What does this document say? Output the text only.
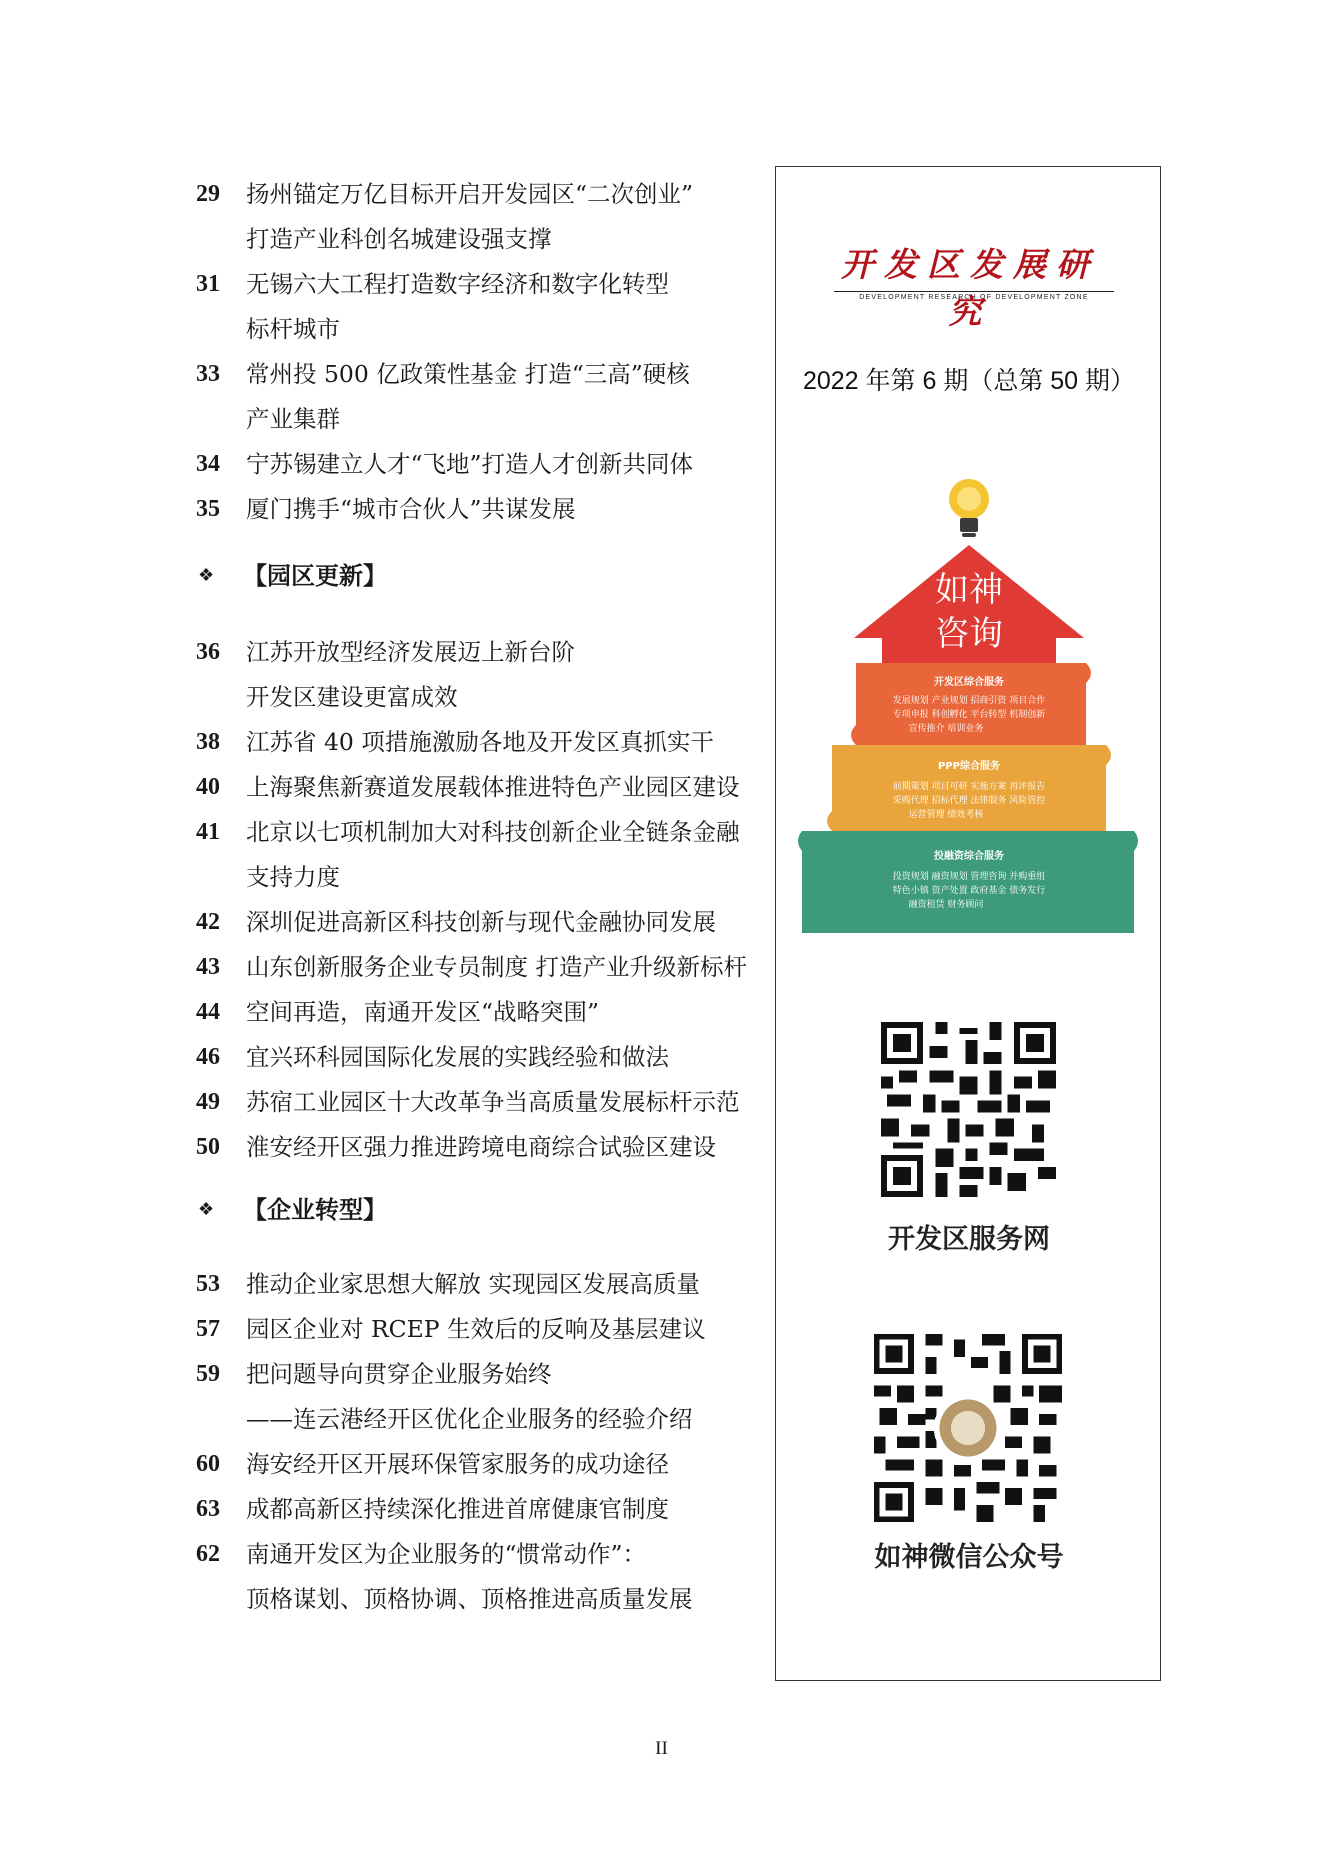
29	扬州锚定万亿目标开启开发园区“二次创业”
打造产业科创名城建设强支撑
31	无锡六大工程打造数字经济和数字化转型
标杆城市
33	常州投 500 亿政策性基金 打造“三高”硬核
产业集群
34	宁苏锡建立人才“飞地”打造人才创新共同体
35	厦门携手“城市合伙人”共谋发展
❖ 【园区更新】
36	江苏开放型经济发展迈上新台阶
开发区建设更富成效
38	江苏省 40 项措施激励各地及开发区真抓实干
40	上海聚焦新赛道发展载体推进特色产业园区建设
41	北京以七项机制加大对科技创新企业全链条金融
支持力度
42	深圳促进高新区科技创新与现代金融协同发展
43	山东创新服务企业专员制度 打造产业升级新标杆
44	空间再造，南通开发区“战略突围”
46	宜兴环科园国际化发展的实践经验和做法
49	苏宿工业园区十大改革争当高质量发展标杆示范
50	淮安经开区强力推进跨境电商综合试验区建设
❖ 【企业转型】
53	推动企业家思想大解放 实现园区发展高质量
57	园区企业对 RCEP 生效后的反响及基层建议
59	把问题导向贯穿企业服务始终
——连云港经开区优化企业服务的经验介绍
60	海安经开区开展环保管家服务的成功途径
63	成都高新区持续深化推进首席健康官制度
62	南通开发区为企业服务的“惯常动作”：
顶格谋划、顶格协调、顶格推进高质量发展
开发区发展研究
DEVELOPMENT RESEARCH OF DEVELOPMENT ZONE
2022 年第 6 期（总第 50 期）
如神
咨询
开发区综合服务
发展规划 产业规划 招商引资 项目合作
专项申报 科创孵化 平台转型 机制创新
宣传推介 培训业务
PPP综合服务
前期策划 项目可研 实施方案 再评报告
采购代理 招标代理 法律服务 风险管控
运营管理 绩效考核
投融资综合服务
投资规划 融资规划 管理咨询 并购重组
特色小镇 资产处置 政府基金 债务发行
融资租赁 财务顾问
开发区服务网
如神微信公众号
II
